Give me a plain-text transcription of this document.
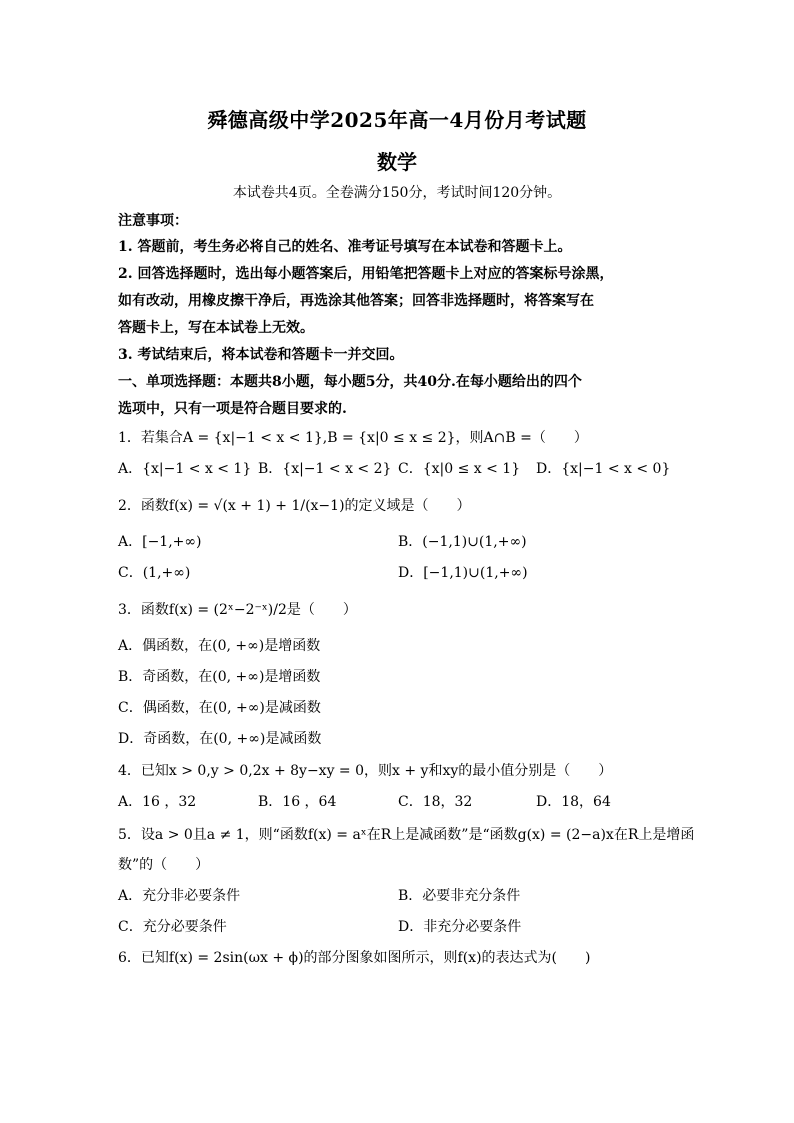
舜德高级中学2025年高一4月份月考试题
数学
本试卷共4页。全卷满分150分，考试时间120分钟。
注意事项：
1. 答题前，考生务必将自己的姓名、准考证号填写在本试卷和答题卡上。
2. 回答选择题时，选出每小题答案后，用铅笔把答题卡上对应的答案标号涂黑，
如有改动，用橡皮擦干净后，再选涂其他答案；回答非选择题时，将答案写在
答题卡上，写在本试卷上无效。
3. 考试结束后，将本试卷和答题卡一并交回。
一、单项选择题：本题共8小题，每小题5分，共40分.在每小题给出的四个
选项中，只有一项是符合题目要求的.
1．若集合A = {x|−1 < x < 1},B = {x|0 ≤ x ≤ 2}，则A∩B =（　　）
A．{x|−1 < x < 1} B．{x|−1 < x < 2} C．{x|0 ≤ x < 1} D．{x|−1 < x < 0}
2．函数f(x) = √(x + 1) + 1/(x−1)的定义域是（　　）
A．[−1,+∞)	B．(−1,1)∪(1,+∞)
C．(1,+∞)	D．[−1,1)∪(1,+∞)
3．函数f(x) = (2ˣ−2⁻ˣ)/2是（　　）
A．偶函数，在(0, +∞)是增函数
B．奇函数，在(0, +∞)是增函数
C．偶函数，在(0, +∞)是减函数
D．奇函数，在(0, +∞)是减函数
4．已知x > 0,y > 0,2x + 8y−xy = 0，则x + y和xy的最小值分别是（　　）
A．16 ，32	B．16 ，64	C．18，32	D．18，64
5．设a > 0且a ≠ 1，则“函数f(x) = aˣ在R上是减函数”是“函数g(x) = (2−a)x在R上是增函
数”的（　　）
A．充分非必要条件	B．必要非充分条件
C．充分必要条件	D．非充分必要条件
6．已知f(x) = 2sin(ωx + ϕ)的部分图象如图所示，则f(x)的表达式为(　　)
